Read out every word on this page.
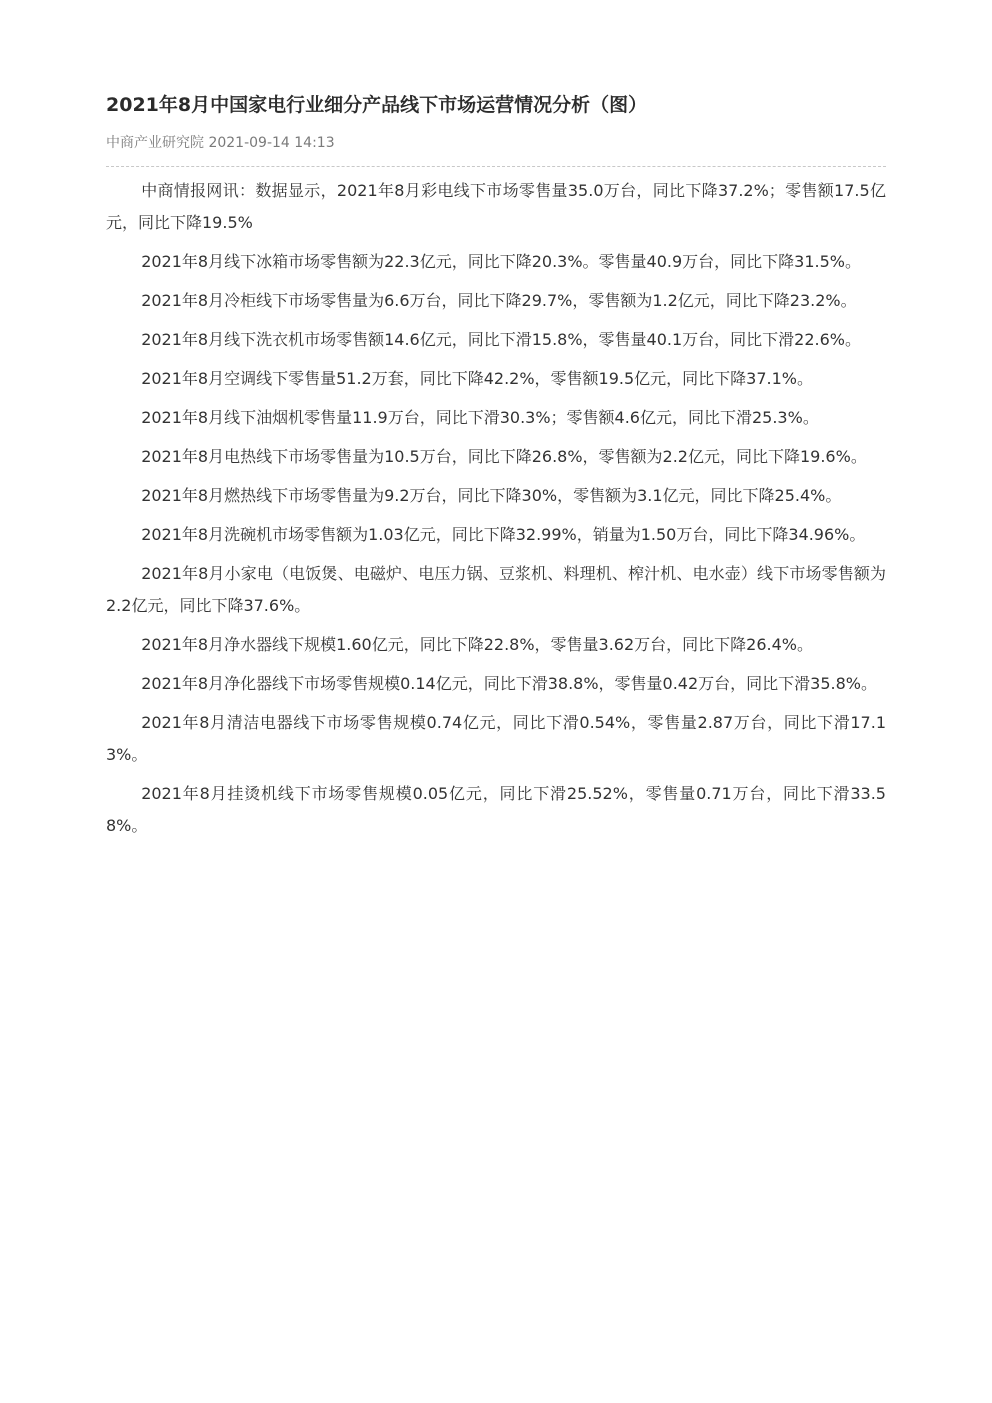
2021年8月中国家电行业细分产品线下市场运营情况分析（图）
中商产业研究院 2021-09-14 14:13

中商情报网讯：数据显示，2021年8月彩电线下市场零售量35.0万台，同比下降37.2%；零售额17.5亿元，同比下降19.5%

2021年8月线下冰箱市场零售额为22.3亿元，同比下降20.3%。零售量40.9万台，同比下降31.5%。

2021年8月冷柜线下市场零售量为6.6万台，同比下降29.7%，零售额为1.2亿元，同比下降23.2%。

2021年8月线下洗衣机市场零售额14.6亿元，同比下滑15.8%，零售量40.1万台，同比下滑22.6%。

2021年8月空调线下零售量51.2万套，同比下降42.2%，零售额19.5亿元，同比下降37.1%。

2021年8月线下油烟机零售量11.9万台，同比下滑30.3%；零售额4.6亿元，同比下滑25.3%。

2021年8月电热线下市场零售量为10.5万台，同比下降26.8%，零售额为2.2亿元，同比下降19.6%。

2021年8月燃热线下市场零售量为9.2万台，同比下降30%，零售额为3.1亿元，同比下降25.4%。

2021年8月洗碗机市场零售额为1.03亿元，同比下降32.99%，销量为1.50万台，同比下降34.96%。

2021年8月小家电（电饭煲、电磁炉、电压力锅、豆浆机、料理机、榨汁机、电水壶）线下市场零售额为2.2亿元，同比下降37.6%。

2021年8月净水器线下规模1.60亿元，同比下降22.8%，零售量3.62万台，同比下降26.4%。

2021年8月净化器线下市场零售规模0.14亿元，同比下滑38.8%，零售量0.42万台，同比下滑35.8%。

2021年8月清洁电器线下市场零售规模0.74亿元，同比下滑0.54%，零售量2.87万台，同比下滑17.13%。

2021年8月挂烫机线下市场零售规模0.05亿元，同比下滑25.52%，零售量0.71万台，同比下滑33.58%。
